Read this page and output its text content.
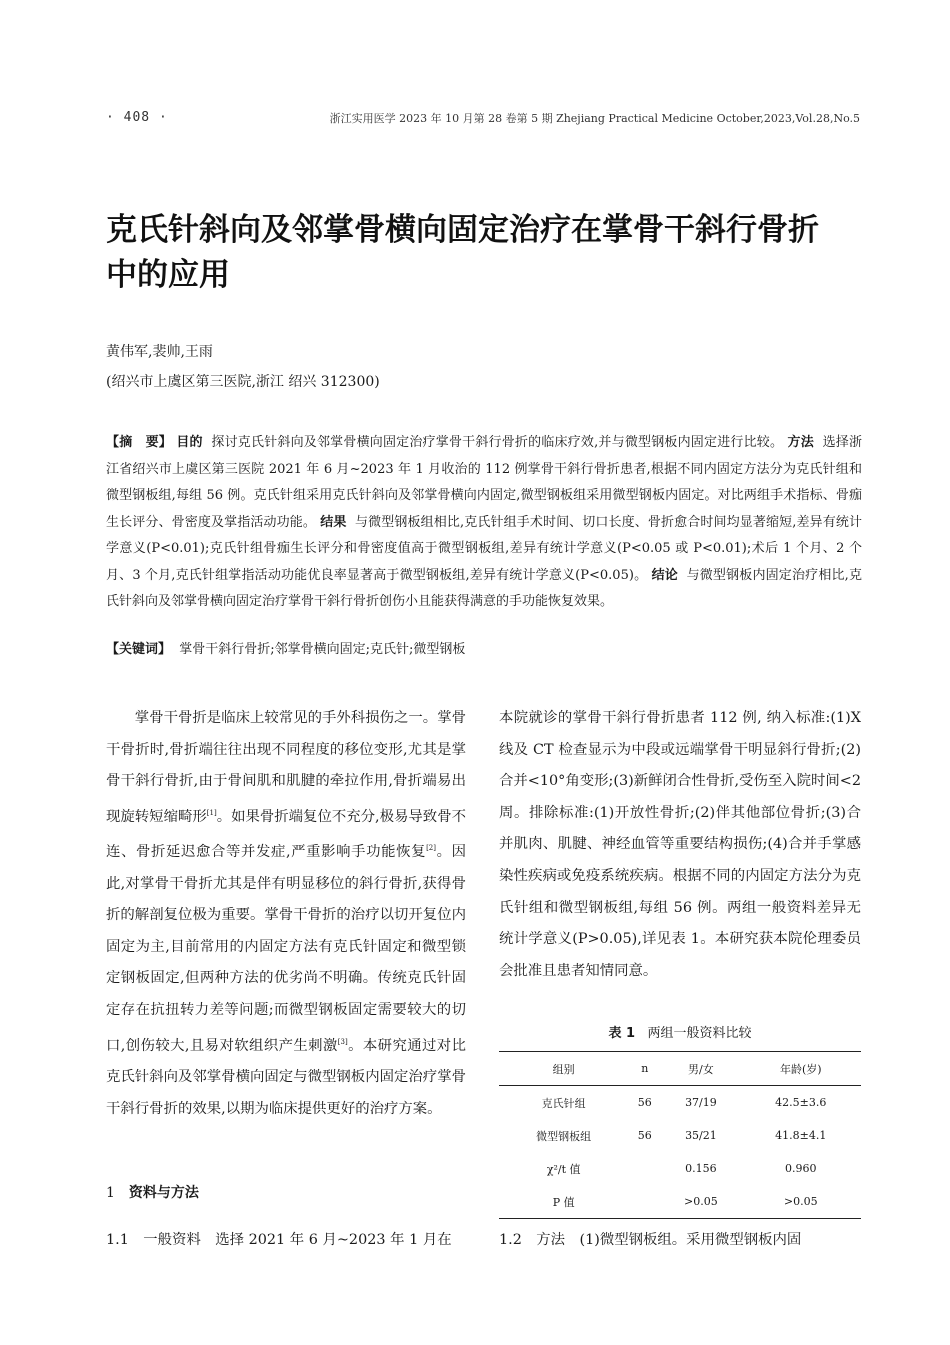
· 408 ·	浙江实用医学 2023 年 10 月第 28 卷第 5 期 Zhejiang Practical Medicine October,2023,Vol.28,No.5
克氏针斜向及邻掌骨横向固定治疗在掌骨干斜行骨折中的应用
黄伟军,裴帅,王雨
(绍兴市上虞区第三医院,浙江 绍兴 312300)
【摘　要】 目的 探讨克氏针斜向及邻掌骨横向固定治疗掌骨干斜行骨折的临床疗效,并与微型钢板内固定进行比较。 方法 选择浙江省绍兴市上虞区第三医院 2021 年 6 月~2023 年 1 月收治的 112 例掌骨干斜行骨折患者,根据不同内固定方法分为克氏针组和微型钢板组,每组 56 例。克氏针组采用克氏针斜向及邻掌骨横向内固定,微型钢板组采用微型钢板内固定。对比两组手术指标、骨痂生长评分、骨密度及掌指活动功能。 结果 与微型钢板组相比,克氏针组手术时间、切口长度、骨折愈合时间均显著缩短,差异有统计学意义(P<0.01);克氏针组骨痂生长评分和骨密度值高于微型钢板组,差异有统计学意义(P<0.05 或 P<0.01);术后 1 个月、2 个月、3 个月,克氏针组掌指活动功能优良率显著高于微型钢板组,差异有统计学意义(P<0.05)。 结论 与微型钢板内固定治疗相比,克氏针斜向及邻掌骨横向固定治疗掌骨干斜行骨折创伤小且能获得满意的手功能恢复效果。
【关键词】 掌骨干斜行骨折;邻掌骨横向固定;克氏针;微型钢板
掌骨干骨折是临床上较常见的手外科损伤之一。掌骨干骨折时,骨折端往往出现不同程度的移位变形,尤其是掌骨干斜行骨折,由于骨间肌和肌腱的牵拉作用,骨折端易出现旋转短缩畸形[1]。如果骨折端复位不充分,极易导致骨不连、骨折延迟愈合等并发症,严重影响手功能恢复[2]。因此,对掌骨干骨折尤其是伴有明显移位的斜行骨折,获得骨折的解剖复位极为重要。掌骨干骨折的治疗以切开复位内固定为主,目前常用的内固定方法有克氏针固定和微型锁定钢板固定,但两种方法的优劣尚不明确。传统克氏针固定存在抗扭转力差等问题;而微型钢板固定需要较大的切口,创伤较大,且易对软组织产生刺激[3]。本研究通过对比克氏针斜向及邻掌骨横向固定与微型钢板内固定治疗掌骨干斜行骨折的效果,以期为临床提供更好的治疗方案。
1 资料与方法
1.1　一般资料　选择 2021 年 6 月~2023 年 1 月在
本院就诊的掌骨干斜行骨折患者 112 例, 纳入标准:(1)X 线及 CT 检查显示为中段或远端掌骨干明显斜行骨折;(2)合并<10°角变形;(3)新鲜闭合性骨折,受伤至入院时间<2 周。排除标准:(1)开放性骨折;(2)伴其他部位骨折;(3)合并肌肉、肌腱、神经血管等重要结构损伤;(4)合并手掌感染性疾病或免疫系统疾病。根据不同的内固定方法分为克氏针组和微型钢板组,每组 56 例。两组一般资料差异无统计学意义(P>0.05),详见表 1。本研究获本院伦理委员会批准且患者知情同意。
表 1 两组一般资料比较
组别	n	男/女	年龄(岁)
克氏针组	56	37/19	42.5±3.6
微型钢板组	56	35/21	41.8±4.1
χ²/t 值		0.156	0.960
P 值		>0.05	>0.05
1.2　方法　(1)微型钢板组。采用微型钢板内固
